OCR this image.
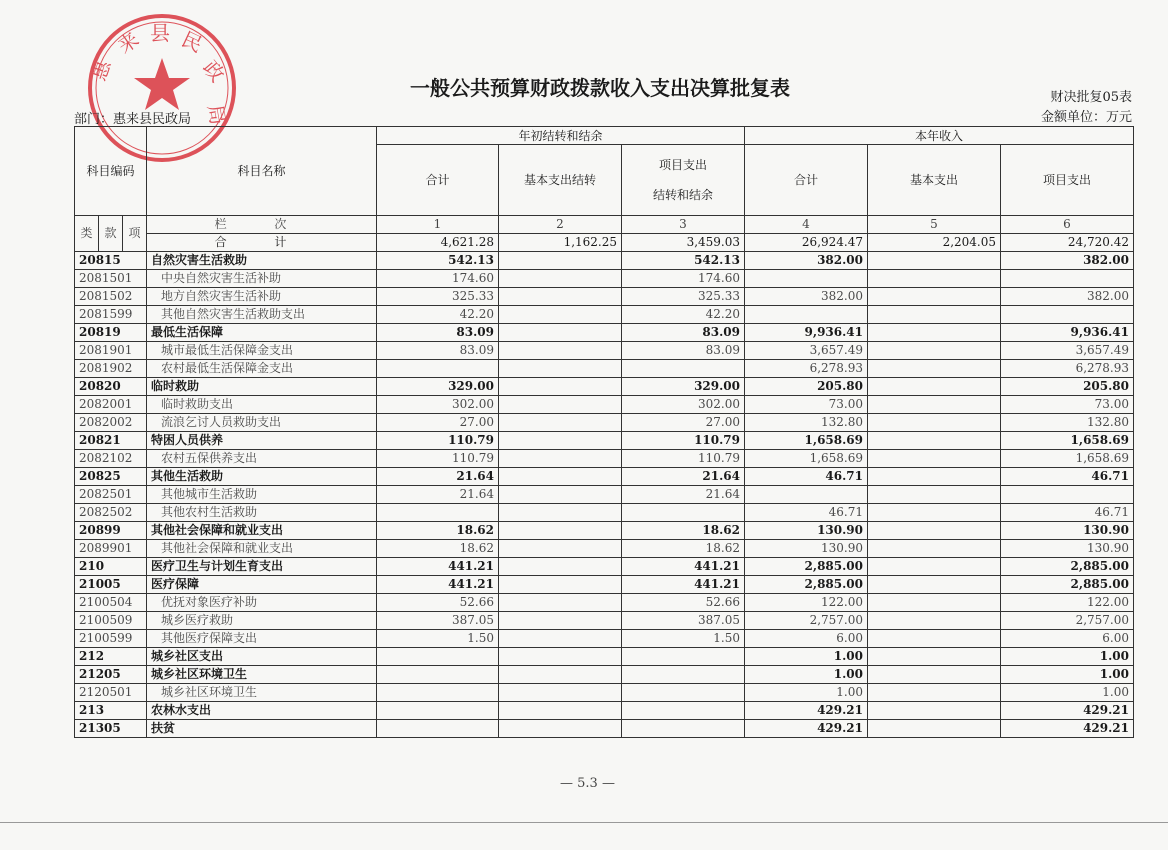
来 县 民
政
惠
局
一般公共预算财政拨款收入支出决算批复表	财决批复05表
金额单位：万元
部门：惠来县民政局
科目编码			科目名称	年初结转和结余			本年收入		
				合计	基本支出结转	项目支出
结转和结余	合计	基本支出	项目支出
类	款	项	栏 次	1	2	3	4	5	6
			合 计	4,621.28	1,162.25	3,459.03	26,924.47	2,204.05	24,720.42
20815			自然灾害生活救助	542.13		542.13	382.00		382.00
2081501			中央自然灾害生活补助	174.60		174.60			
2081502			地方自然灾害生活补助	325.33		325.33	382.00		382.00
2081599			其他自然灾害生活救助支出	42.20		42.20			
20819			最低生活保障	83.09		83.09	9,936.41		9,936.41
2081901			城市最低生活保障金支出	83.09		83.09	3,657.49		3,657.49
2081902			农村最低生活保障金支出				6,278.93		6,278.93
20820			临时救助	329.00		329.00	205.80		205.80
2082001			临时救助支出	302.00		302.00	73.00		73.00
2082002			流浪乞讨人员救助支出	27.00		27.00	132.80		132.80
20821			特困人员供养	110.79		110.79	1,658.69		1,658.69
2082102			农村五保供养支出	110.79		110.79	1,658.69		1,658.69
20825			其他生活救助	21.64		21.64	46.71		46.71
2082501			其他城市生活救助	21.64		21.64			
2082502			其他农村生活救助				46.71		46.71
20899			其他社会保障和就业支出	18.62		18.62	130.90		130.90
2089901			其他社会保障和就业支出	18.62		18.62	130.90		130.90
210			医疗卫生与计划生育支出	441.21		441.21	2,885.00		2,885.00
21005			医疗保障	441.21		441.21	2,885.00		2,885.00
2100504			优抚对象医疗补助	52.66		52.66	122.00		122.00
2100509			城乡医疗救助	387.05		387.05	2,757.00		2,757.00
2100599			其他医疗保障支出	1.50		1.50	6.00		6.00
212			城乡社区支出				1.00		1.00
21205			城乡社区环境卫生				1.00		1.00
2120501			城乡社区环境卫生				1.00		1.00
213			农林水支出				429.21		429.21
21305			扶贫				429.21		429.21
— 5.3 —
